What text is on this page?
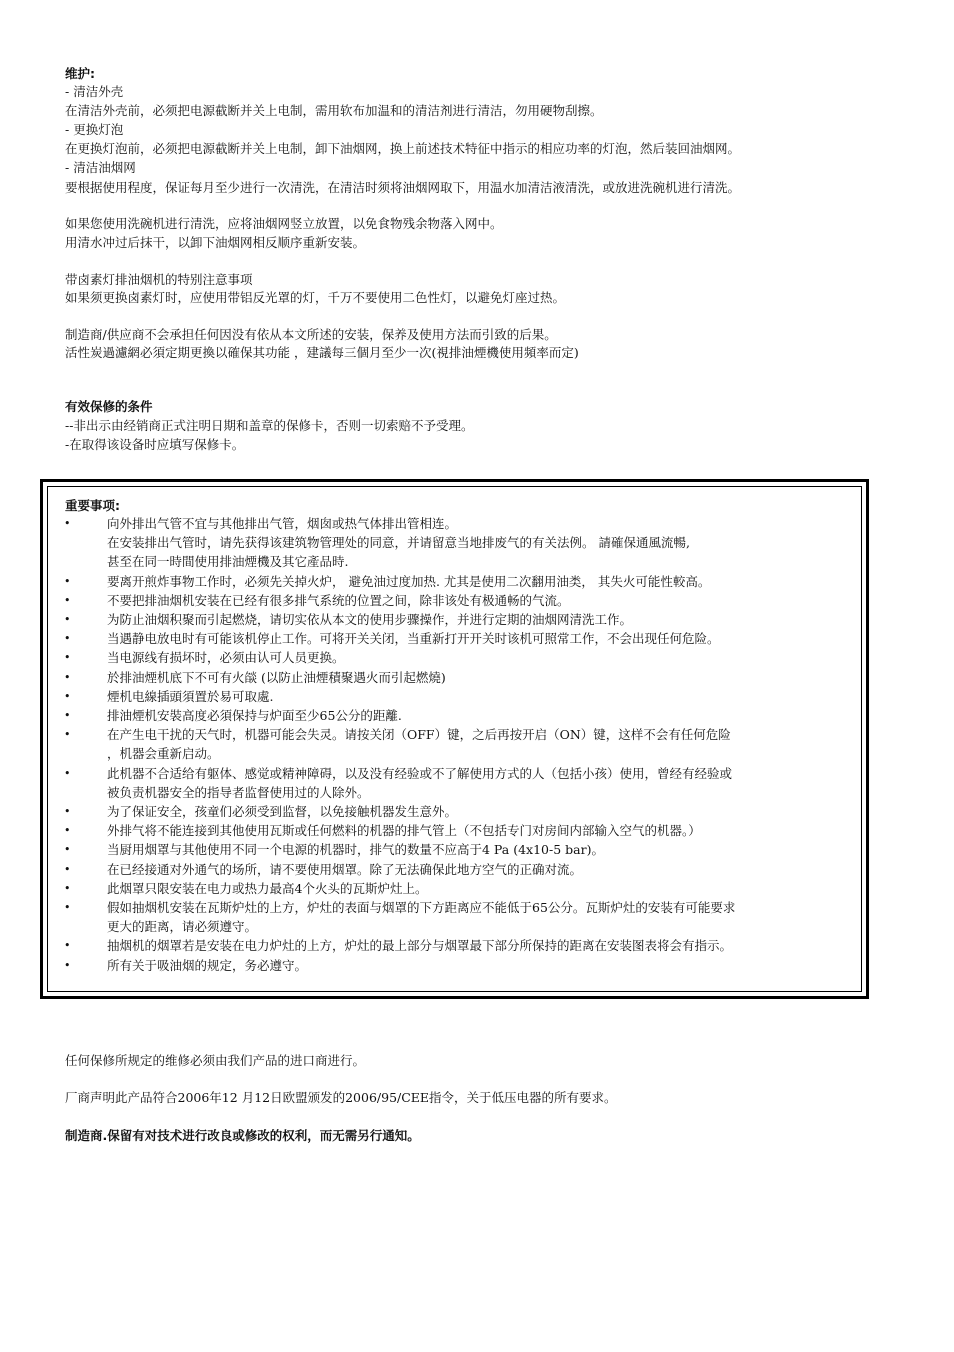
维护:
- 清洁外壳
在清洁外壳前，必须把电源截断并关上电制，需用软布加温和的清洁剂进行清洁，勿用硬物刮擦。
- 更换灯泡
在更换灯泡前，必须把电源截断并关上电制，卸下油烟网，换上前述技术特征中指示的相应功率的灯泡，然后装回油烟网。
- 清洁油烟网
要根据使用程度，保证每月至少进行一次清洗，在清洁时须将油烟网取下，用温水加清洁液清洗，或放进洗碗机进行清洗。
如果您使用洗碗机进行清洗，应将油烟网竖立放置，以免食物残余物落入网中。
用清水冲过后抹干，以卸下油烟网相反顺序重新安装。
带卤素灯排油烟机的特别注意事项
如果须更换卤素灯时，应使用带铝反光罩的灯，千万不要使用二色性灯，以避免灯座过热。
制造商/供应商不会承担任何因没有依从本文所述的安装，保养及使用方法而引致的后果。
活性炭過濾網必須定期更換以確保其功能 ，建議每三個月至少一次(視排油煙機使用頻率而定)
有效保修的条件
--非出示由经销商正式注明日期和盖章的保修卡，否则一切索赔不予受理。
-在取得该设备时应填写保修卡。
重要事项:
•	向外排出气管不宜与其他排出气管，烟囱或热气体排出管相连。
在安装排出气管时，请先获得该建筑物管理处的同意，并请留意当地排废气的有关法例。 請確保通風流暢,
甚至在同一時間使用排油煙機及其它產品時.
•	要离开煎炸事物工作时，必须先关掉火炉， 避免油过度加热. 尤其是使用二次翻用油类， 其失火可能性較高。
•	不要把排油烟机安装在已经有很多排气系统的位置之间，除非该处有极通畅的气流。
•	为防止油烟积聚而引起燃烧，请切实依从本文的使用步骤操作，并进行定期的油烟网清洗工作。
•	当遇静电放电时有可能该机停止工作。可将开关关闭，当重新打开开关时该机可照常工作，不会出现任何危险。
•	当电源线有损坏时，必须由认可人员更换。
•	於排油煙机底下不可有火燄 (以防止油煙積聚遇火而引起燃燒)
•	煙机电線插頭須置於易可取處.
•	排油煙机安裝高度必須保持与炉面至少65公分的距離.
•	在产生电干扰的天气时，机器可能会失灵。请按关闭（OFF）键，之后再按开启（ON）键，这样不会有任何危险
，机器会重新启动。
•	此机器不合适给有躯体、感觉或精神障碍，以及没有经验或不了解使用方式的人（包括小孩）使用，曾经有经验或
被负责机器安全的指导者监督使用过的人除外。
•	为了保证安全，孩童们必须受到监督，以免接触机器发生意外。
•	外排气将不能连接到其他使用瓦斯或任何燃料的机器的排气管上（不包括专门对房间内部输入空气的机器。）
•	当厨用烟罩与其他使用不同一个电源的机器时，排气的数量不应高于4 Pa (4x10-5 bar)。
•	在已经接通对外通气的场所，请不要使用烟罩。除了无法确保此地方空气的正确对流。
•	此烟罩只限安装在电力或热力最高4个火头的瓦斯炉灶上。
•	假如抽烟机安装在瓦斯炉灶的上方，炉灶的表面与烟罩的下方距离应不能低于65公分。瓦斯炉灶的安装有可能要求
更大的距离，请必须遵守。
•	抽烟机的烟罩若是安装在电力炉灶的上方，炉灶的最上部分与烟罩最下部分所保持的距离在安装图表将会有指示。
•	所有关于吸油烟的规定，务必遵守。
任何保修所规定的维修必须由我们产品的进口商进行。
厂商声明此产品符合2006年12 月12日欧盟颁发的2006/95/CEE指令，关于低压电器的所有要求。
制造商.保留有对技术进行改良或修改的权利，而无需另行通知。
